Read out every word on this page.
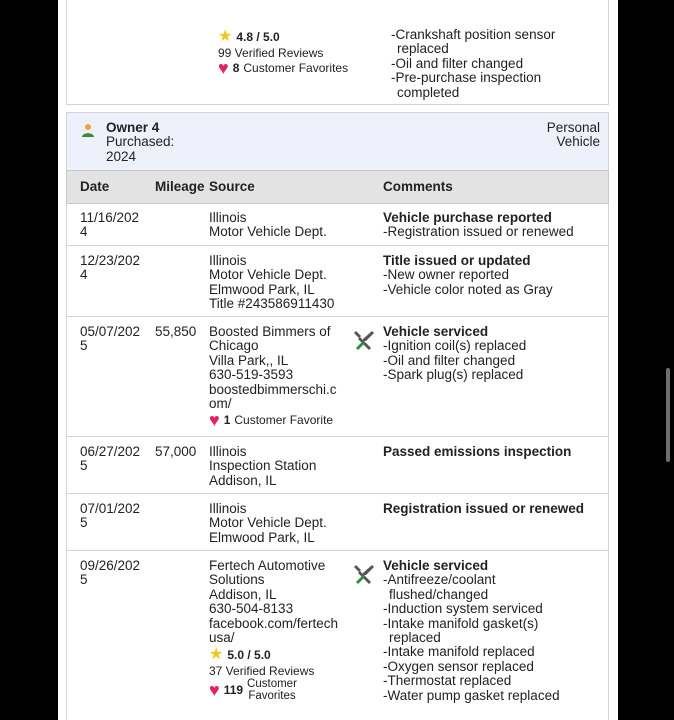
★ 4.8 / 5.0
99 Verified Reviews
♥ 8 Customer Favorites
- Crankshaft position sensor
replaced
- Oil and filter changed
- Pre-purchase inspection
completed
Owner 4
Purchased:
2024
Personal
Vehicle
Date	Mileage Source	Comments
11/16/202
4
Illinois
Motor Vehicle Dept.
Vehicle purchase reported
- Registration issued or renewed
12/23/202
4
Illinois
Motor Vehicle Dept.
Elmwood Park, IL
Title #243586911430
Title issued or updated
- New owner reported
- Vehicle color noted as Gray
05/07/202
5
55,850 Boosted Bimmers of
Chicago
Villa Park,, IL
630-519-3593
boostedbimmerschi.c
om/
♥ 1 Customer Favorite
Vehicle serviced
- Ignition coil(s) replaced
- Oil and filter changed
- Spark plug(s) replaced
06/27/202
5
57,000 Illinois
Inspection Station
Addison, IL
Passed emissions inspection
07/01/202
5
Illinois
Motor Vehicle Dept.
Elmwood Park, IL
Registration issued or renewed
09/26/202
5
Fertech Automotive
Solutions
Addison, IL
630-504-8133
facebook.com/fertech
usa/
★ 5.0 / 5.0
37 Verified Reviews
♥ 119 Customer
Favorites
Vehicle serviced
- Antifreeze/coolant
flushed/changed
- Induction system serviced
- Intake manifold gasket(s)
replaced
- Intake manifold replaced
- Oxygen sensor replaced
- Thermostat replaced
- Water pump gasket replaced
